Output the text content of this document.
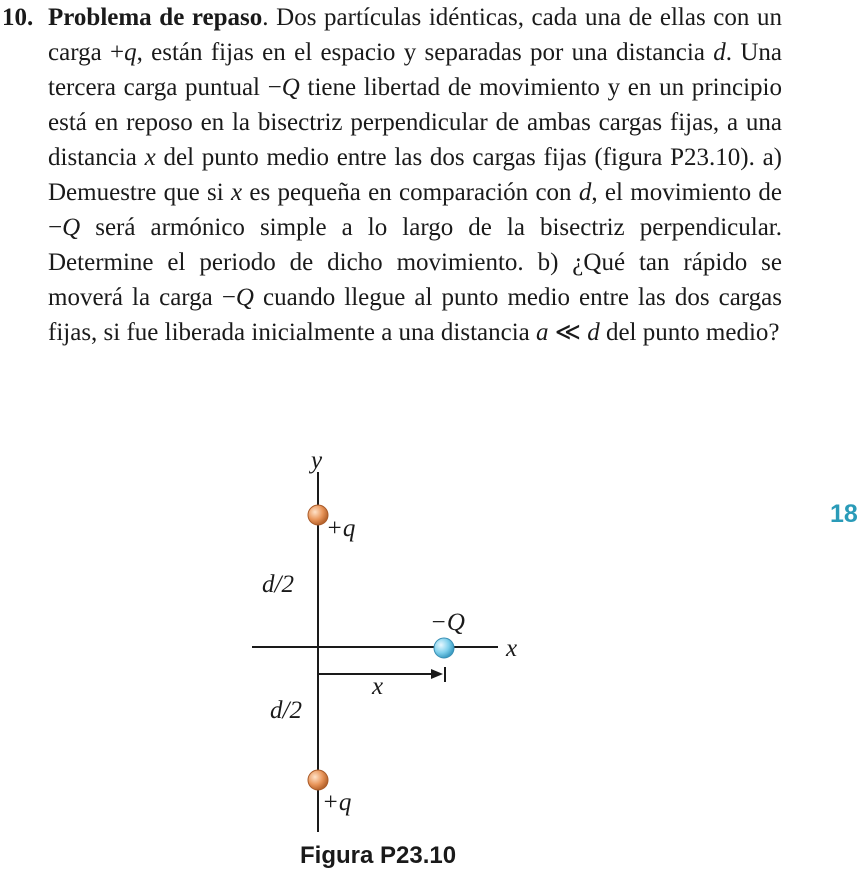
10. Problema de repaso. Dos partículas idénticas, cada una de ellas con un carga +q, están fijas en el espacio y separadas por una distancia d. Una tercera carga puntual −Q tiene libertad de movimiento y en un principio está en reposo en la bisectriz perpendicular de ambas cargas fijas, a una distancia x del punto medio entre las dos cargas fijas (figura P23.10). a) Demuestre que si x es pequeña en comparación con d, el movimiento de −Q será armónico simple a lo largo de la bisectriz perpendicular. Determine el periodo de dicho movimiento. b) ¿Qué tan rápido se moverá la carga −Q cuando llegue al punto medio entre las dos cargas fijas, si fue liberada inicialmente a una distancia a ≪ d del punto medio?
18
y
+q
d/2
−Q
x
x
d/2
+q
Figura P23.10
